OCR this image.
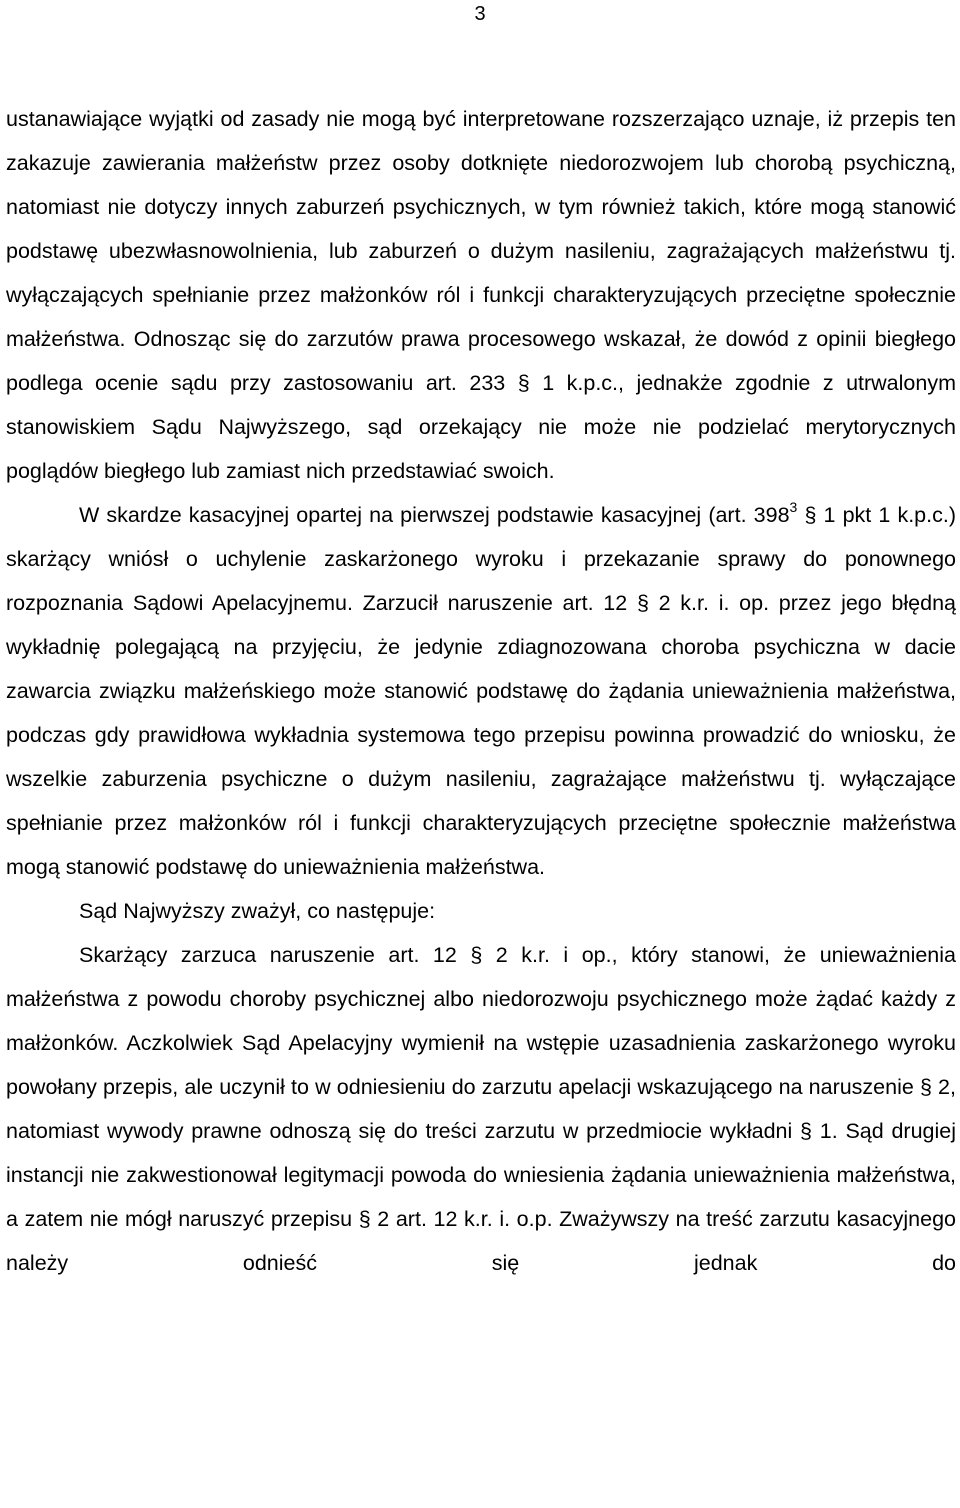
3

ustanawiające wyjątki od zasady nie mogą być interpretowane rozszerzająco uznaje, iż przepis ten zakazuje zawierania małżeństw przez osoby dotknięte niedorozwojem lub chorobą psychiczną, natomiast nie dotyczy innych zaburzeń psychicznych, w tym również takich, które mogą stanowić podstawę ubezwłasnowolnienia, lub zaburzeń o dużym nasileniu, zagrażających małżeństwu tj. wyłączających spełnianie przez małżonków ról i funkcji charakteryzujących przeciętne społecznie małżeństwa. Odnosząc się do zarzutów prawa procesowego wskazał, że dowód z opinii biegłego podlega ocenie sądu przy zastosowaniu art. 233 § 1 k.p.c., jednakże zgodnie z utrwalonym stanowiskiem Sądu Najwyższego, sąd orzekający nie może nie podzielać merytorycznych poglądów biegłego lub zamiast nich przedstawiać swoich.

W skardze kasacyjnej opartej na pierwszej podstawie kasacyjnej (art. $398^3$ § 1 pkt 1 k.p.c.) skarżący wniósł o uchylenie zaskarżonego wyroku i przekazanie sprawy do ponownego rozpoznania Sądowi Apelacyjnemu. Zarzucił naruszenie art. 12 § 2 k.r. i. op. przez jego błędną wykładnię polegającą na przyjęciu, że jedynie zdiagnozowana choroba psychiczna w dacie zawarcia związku małżeńskiego może stanowić podstawę do żądania unieważnienia małżeństwa, podczas gdy prawidłowa wykładnia systemowa tego przepisu powinna prowadzić do wniosku, że wszelkie zaburzenia psychiczne o dużym nasileniu, zagrażające małżeństwu tj. wyłączające spełnianie przez małżonków ról i funkcji charakteryzujących przeciętne społecznie małżeństwa mogą stanowić podstawę do unieważnienia małżeństwa.

Sąd Najwyższy zważył, co następuje:

Skarżący zarzuca naruszenie art. 12 § 2 k.r. i op., który stanowi, że unieważnienia małżeństwa z powodu choroby psychicznej albo niedorozwoju psychicznego może żądać każdy z małżonków. Aczkolwiek Sąd Apelacyjny wymienił na wstępie uzasadnienia zaskarżonego wyroku powołany przepis, ale uczynił to w odniesieniu do zarzutu apelacji wskazującego na naruszenie § 2, natomiast wywody prawne odnoszą się do treści zarzutu w przedmiocie wykładni § 1. Sąd drugiej instancji nie zakwestionował legitymacji powoda do wniesienia żądania unieważnienia małżeństwa, a zatem nie mógł naruszyć przepisu § 2 art. 12 k.r. i. o.p. Zważywszy na treść zarzutu kasacyjnego należy odnieść się jednak do
